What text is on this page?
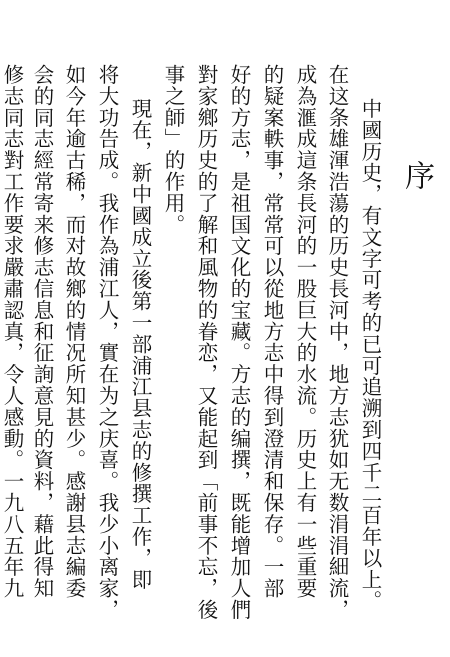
序

中國历史，有文字可考的已可追溯到四千二百年以上。

在这条雄渾浩蕩的历史長河中，地方志犹如无数涓涓細流，

成為滙成這条長河的一股巨大的水流。历史上有一些重要

的疑案軼事，常常可以從地方志中得到澄清和保存。一部

好的方志，是祖国文化的宝藏。方志的编撰，既能增加人們

對家鄉历史的了解和風物的眷恋，又能起到「前事不忘，後

事之師」的作用。

現在，新中國成立後第一部浦江县志的修撰工作，即

将大功告成。我作為浦江人，實在为之庆喜。我少小离家，

如今年逾古稀，而对故鄉的情况所知甚少。感謝县志編委

会的同志經常寄来修志信息和征詢意見的資料，藉此得知

修志同志對工作要求嚴肅認真，令人感動。一九八五年九
